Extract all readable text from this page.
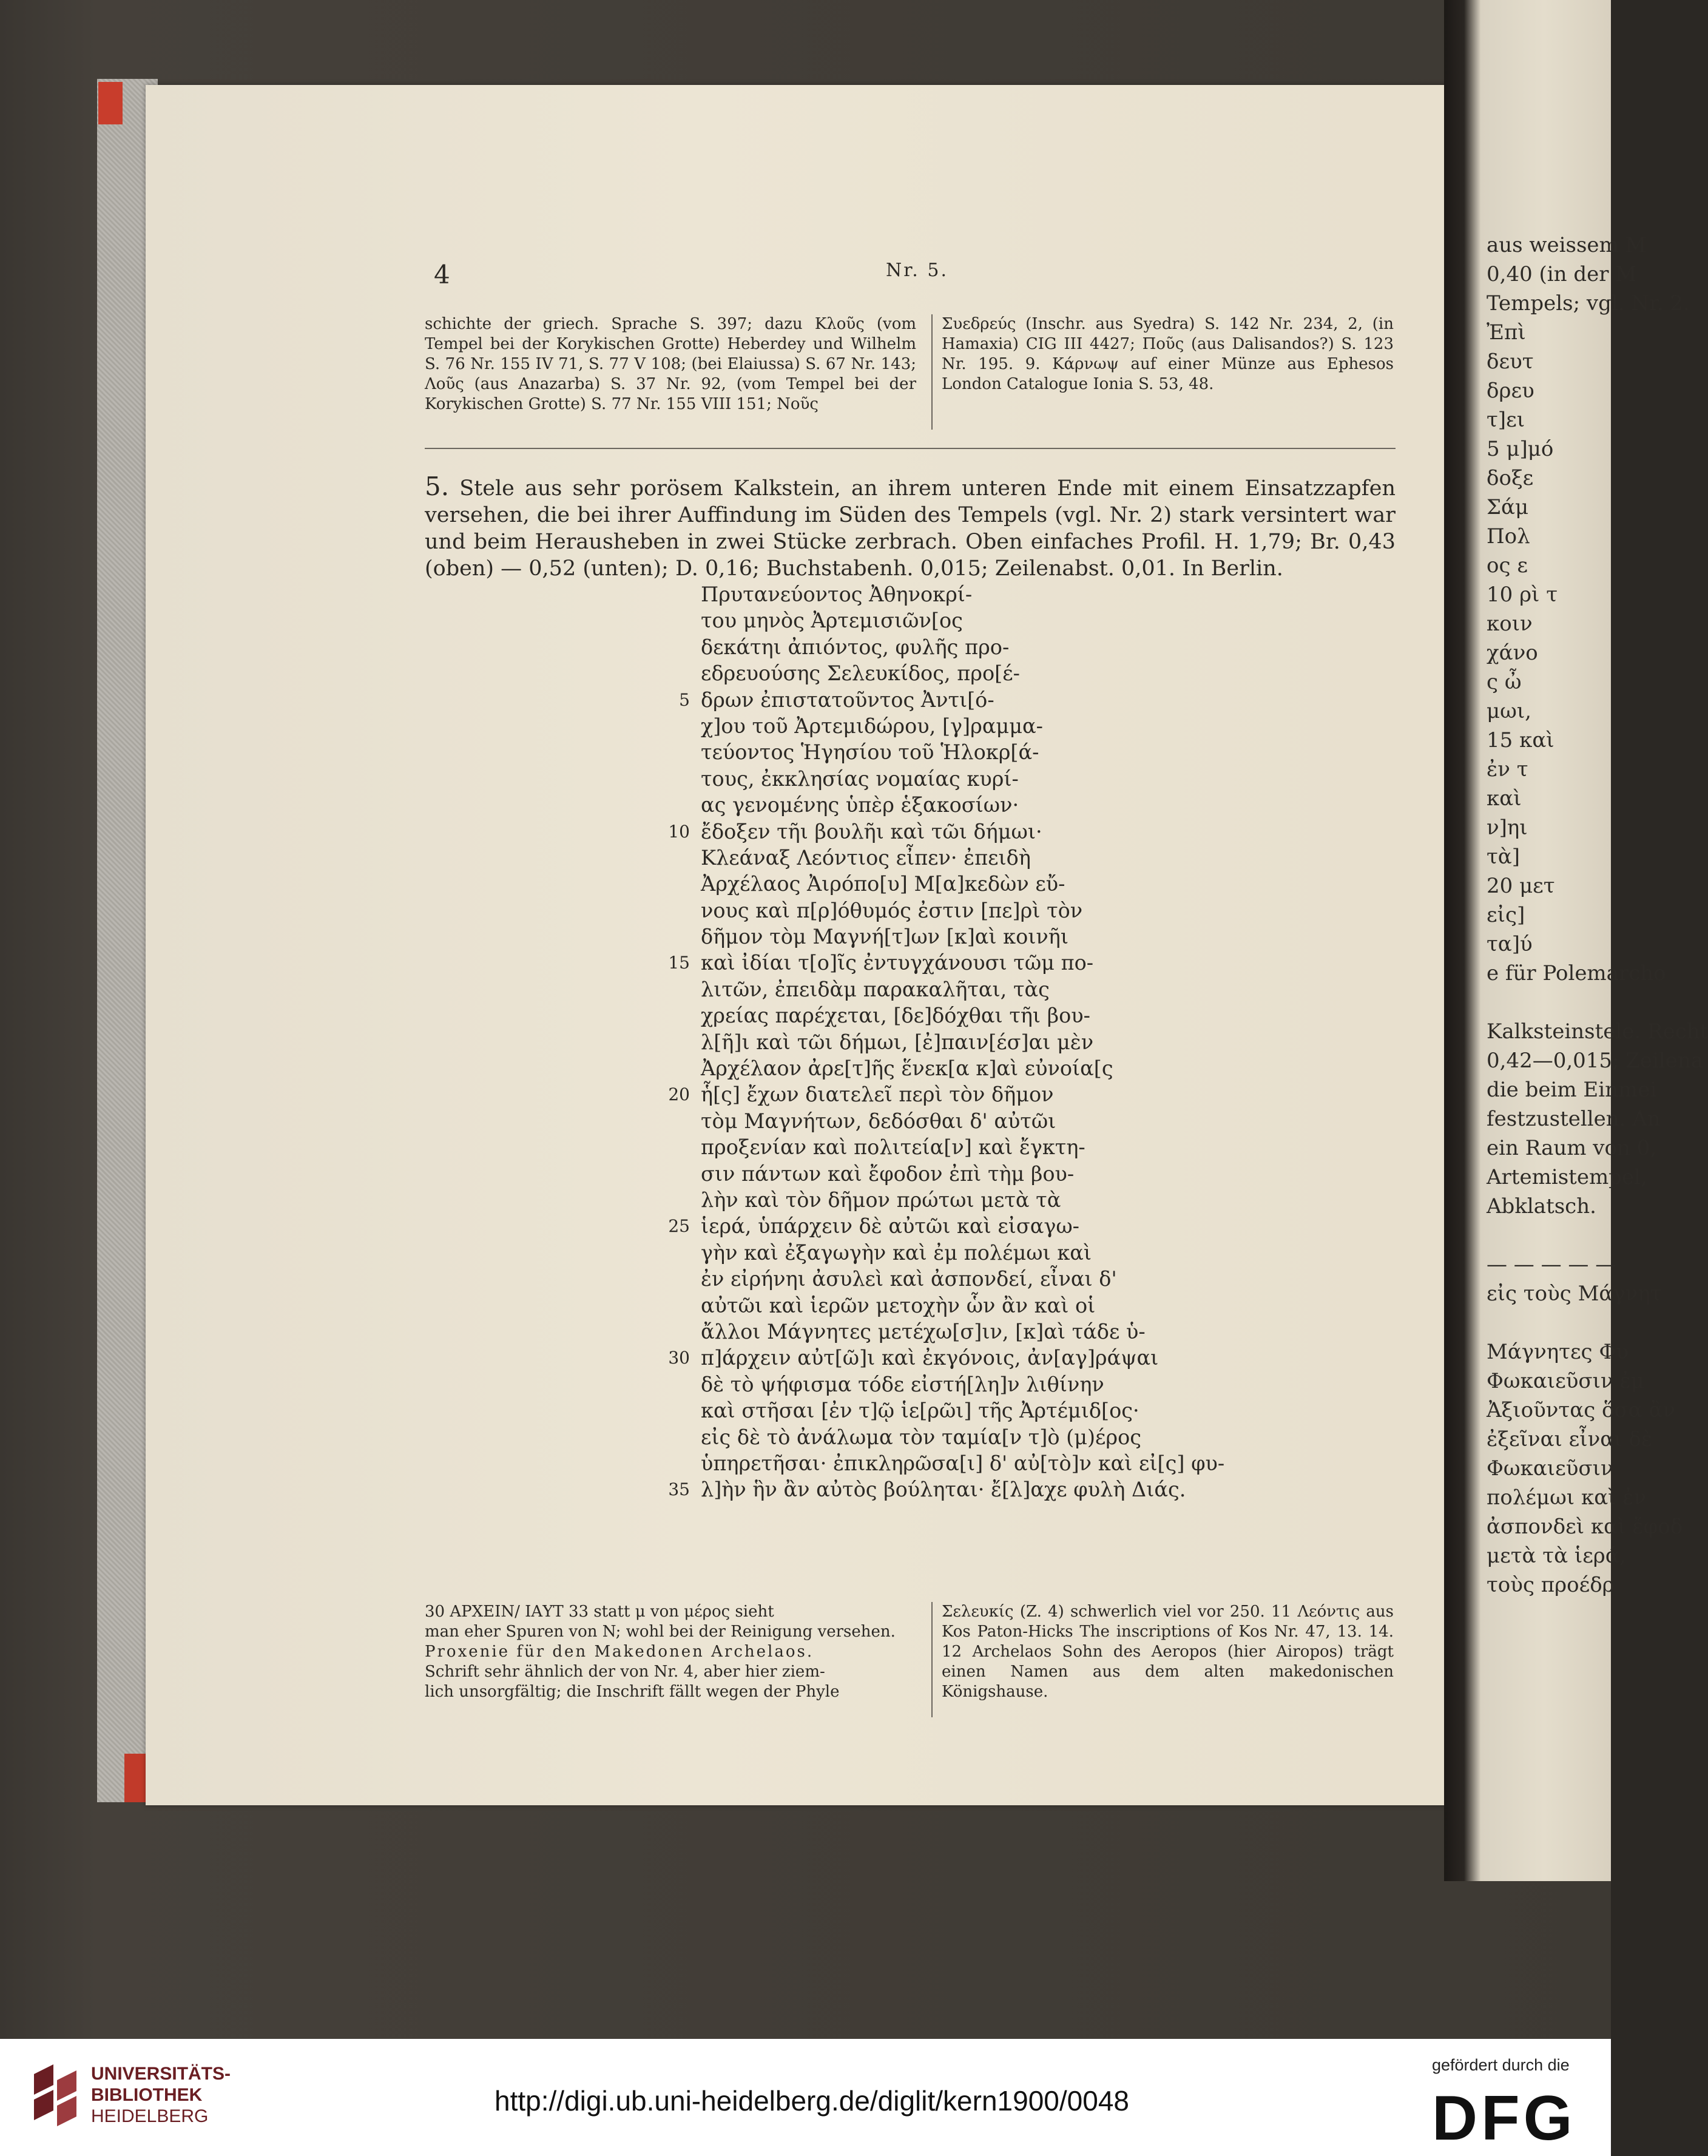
aus weissem M
0,40 (in der M
Tempels; vgl. Nr. 2.
Ἐπὶ
δευτ
δρευ
τ]ει
5 μ]μό
δοξε
Σάμ
Πολ
ος ε
10 ρὶ τ
κοιν
χάνο
ς ὦ
μωι,
15 καὶ
ἐν τ
καὶ
ν]ηι
τὰ]
20 μετ
εἰς]
τα]ύ
e für Polemarcho
Kalksteinstele. Recht
0,42—0,015; Zeilena
die beim Einmei
festzustellen. An
ein Raum von 0,
Artemistempel,
Abklatsch.
— — — — —
εἰς τοὺς Μάγνητ
Μάγνητες Φυ
Φωκαιεῦσιν ἐμ
Ἀξιοῦντας ὅσα ἂν
ἐξεῖναι εἶναι δὲ
Φωκαιεῦσιν
πολέμωι καὶ ἐν
ἀσπονδεὶ καὶ ἔφοδ
μετὰ τὰ ἱερά,
τοὺς προέδρ
4	Nr. 5.
schichte der griech. Sprache S. 397; dazu Κλοῦς (vom Tempel bei der Korykischen Grotte) Heberdey und Wilhelm S. 76 Nr. 155 IV 71, S. 77 V 108; (bei Elaiussa) S. 67 Nr. 143; Λοῦς (aus Anazarba) S. 37 Nr. 92, (vom Tempel bei der Korykischen Grotte) S. 77 Nr. 155 VIII 151; Νοῦς
Συεδρεύς (Inschr. aus Syedra) S. 142 Nr. 234, 2, (in Hamaxia) CIG III 4427; Πoῦς (aus Dalisandos?) S. 123 Nr. 195. 9. Κάρνωψ auf einer Münze aus Ephesos London Catalogue Ionia S. 53, 48.
5. Stele aus sehr porösem Kalkstein, an ihrem unteren Ende mit einem Einsatzzapfen versehen, die bei ihrer Auffindung im Süden des Tempels (vgl. Nr. 2) stark versintert war und beim Herausheben in zwei Stücke zerbrach. Oben einfaches Profil. H. 1,79; Br. 0,43 (oben) — 0,52 (unten); D. 0,16; Buchstabenh. 0,015; Zeilenabst. 0,01. In Berlin.
Πρυτανεύοντος Ἀθηνοκρί-
του μηνὸς Ἀρτεμισιῶν[ος
δεκάτηι ἀπιόντος, φυλῆς προ-
εδρευούσης Σελευκίδος, προ[έ-
5 δρων ἐπιστατοῦντος Ἀντι[ό-
χ]ου τοῦ Ἀρτεμιδώρου, [γ]ραμμα-
τεύοντος Ἡγησίου τοῦ Ἡλοκρ[ά-
τους, ἐκκλησίας νομαίας κυρί-
ας γενομένης ὑπὲρ ἑξακοσίων·
10 ἔδοξεν τῆι βουλῆι καὶ τῶι δήμωι·
Κλεάναξ Λεόντιος εἶπεν· ἐπειδὴ
Ἀρχέλαος Ἀιρόπο[υ] Μ[α]κεδὼν εὔ-
νους καὶ π[ρ]όθυμός ἐστιν [πε]ρὶ τὸν
δῆμον τὸμ Μαγνή[τ]ων [κ]αὶ κοινῆι
15 καὶ ἰδίαι τ[ο]ῖς ἐντυγχάνουσι τῶμ πο-
λιτῶν, ἐπειδὰμ παρακαλῆται, τὰς
χρείας παρέχεται, [δε]δόχθαι τῆι βου-
λ[ῆ]ι καὶ τῶι δήμωι, [ἐ]παιν[έσ]αι μὲν
Ἀρχέλαον ἀρε[τ]ῆς ἕνεκ[α κ]αὶ εὐνοία[ς
20 ἧ[ς] ἔχων διατελεῖ περὶ τὸν δῆμον
τὸμ Μαγνήτων, δεδόσθαι δ' αὐτῶι
προξενίαν καὶ πολιτεία[ν] καὶ ἔγκτη-
σιν πάντων καὶ ἔφοδον ἐπὶ τὴμ βου-
λὴν καὶ τὸν δῆμον πρώτωι μετὰ τὰ
25 ἱερά, ὑπάρχειν δὲ αὐτῶι καὶ εἰσαγω-
γὴν καὶ ἐξαγωγὴν καὶ ἐμ πολέμωι καὶ
ἐν εἰρήνηι ἀσυλεὶ καὶ ἀσπονδεί, εἶναι δ'
αὐτῶι καὶ ἱερῶν μετοχὴν ὧν ἂν καὶ οἱ
ἄλλοι Μάγνητες μετέχω[σ]ιν, [κ]αὶ τάδε ὑ-
30 π]άρχειν αὐτ[ῶ]ι καὶ ἐκγόνοις, ἀν[αγ]ράψαι
δὲ τὸ ψήφισμα τόδε εἰστή[λη]ν λιθίνην
καὶ στῆσαι [ἐν τ]ῷ ἱε[ρῶι] τῆς Ἀρτέμιδ[ος·
εἰς δὲ τὸ ἀνάλωμα τὸν ταμία[ν τ]ὸ (μ)έρος
ὑπηρετῆσαι· ἐπικληρῶσα[ι] δ' αὐ[τὸ]ν καὶ εἰ[ς] φυ-
35 λ]ὴν ἣν ἂν αὐτὸς βούληται· ἔ[λ]αχε φυλὴ Διάς.
30 ΑΡΧΕΙΝ/ ΙΑΥΤ 33 statt μ von μέρος sieht
man eher Spuren von N; wohl bei der Reinigung versehen.
Proxenie für den Makedonen Archelaos.
Schrift sehr ähnlich der von Nr. 4, aber hier ziem-
lich unsorgfältig; die Inschrift fällt wegen der Phyle
Σελευκίς (Z. 4) schwerlich viel vor 250. 11 Λεόντις aus Kos Paton-Hicks The inscriptions of Kos Nr. 47, 13. 14. 12 Archelaos Sohn des Aeropos (hier Airopos) trägt einen Namen aus dem alten makedonischen Königshause.
UNIVERSITÄTS-
BIBLIOTHEK
HEIDELBERG	http://digi.ub.uni-heidelberg.de/diglit/kern1900/0048
gefördert durch die
DFG
